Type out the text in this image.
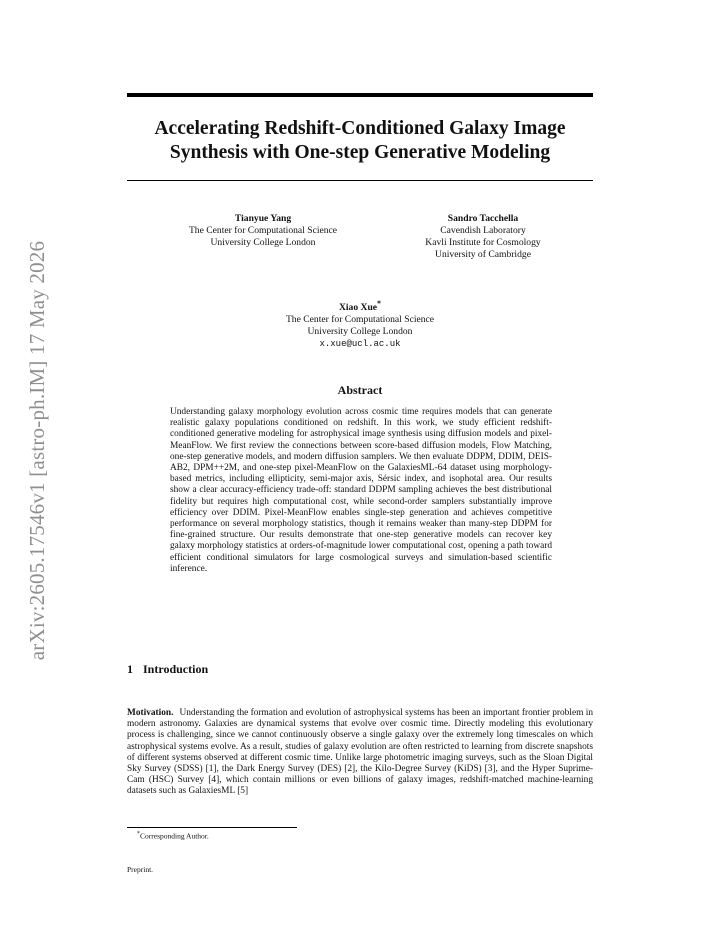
arXiv:2605.17546v1 [astro-ph.IM] 17 May 2026
Accelerating Redshift-Conditioned Galaxy Image Synthesis with One-step Generative Modeling
Tianyue Yang
The Center for Computational Science
University College London
Sandro Tacchella
Cavendish Laboratory
Kavli Institute for Cosmology
University of Cambridge
Xiao Xue*
The Center for Computational Science
University College London
x.xue@ucl.ac.uk
Abstract

Understanding galaxy morphology evolution across cosmic time requires models that can generate realistic galaxy populations conditioned on redshift. In this work, we study efficient redshift-conditioned generative modeling for astrophysical image synthesis using diffusion models and pixel-MeanFlow. We first review the connections between score-based diffusion models, Flow Matching, one-step generative models, and modern diffusion samplers. We then evaluate DDPM, DDIM, DEIS-AB2, DPM++2M, and one-step pixel-MeanFlow on the GalaxiesML-64 dataset using morphology-based metrics, including ellipticity, semi-major axis, Sérsic index, and isophotal area. Our results show a clear accuracy-efficiency trade-off: standard DDPM sampling achieves the best distributional fidelity but requires high computational cost, while second-order samplers substantially improve efficiency over DDIM. Pixel-MeanFlow enables single-step generation and achieves competitive performance on several morphology statistics, though it remains weaker than many-step DDPM for fine-grained structure. Our results demonstrate that one-step generative models can recover key galaxy morphology statistics at orders-of-magnitude lower computational cost, opening a path toward efficient conditional simulators for large cosmological surveys and simulation-based scientific inference.

1 Introduction

Motivation. Understanding the formation and evolution of astrophysical systems has been an important frontier problem in modern astronomy. Galaxies are dynamical systems that evolve over cosmic time. Directly modeling this evolutionary process is challenging, since we cannot continuously observe a single galaxy over the extremely long timescales on which astrophysical systems evolve. As a result, studies of galaxy evolution are often restricted to learning from discrete snapshots of different systems observed at different cosmic time. Unlike large photometric imaging surveys, such as the Sloan Digital Sky Survey (SDSS) [1], the Dark Energy Survey (DES) [2], the Kilo-Degree Survey (KiDS) [3], and the Hyper Suprime-Cam (HSC) Survey [4], which contain millions or even billions of galaxy images, redshift-matched machine-learning datasets such as GalaxiesML [5]

*Corresponding Author.

Preprint.
